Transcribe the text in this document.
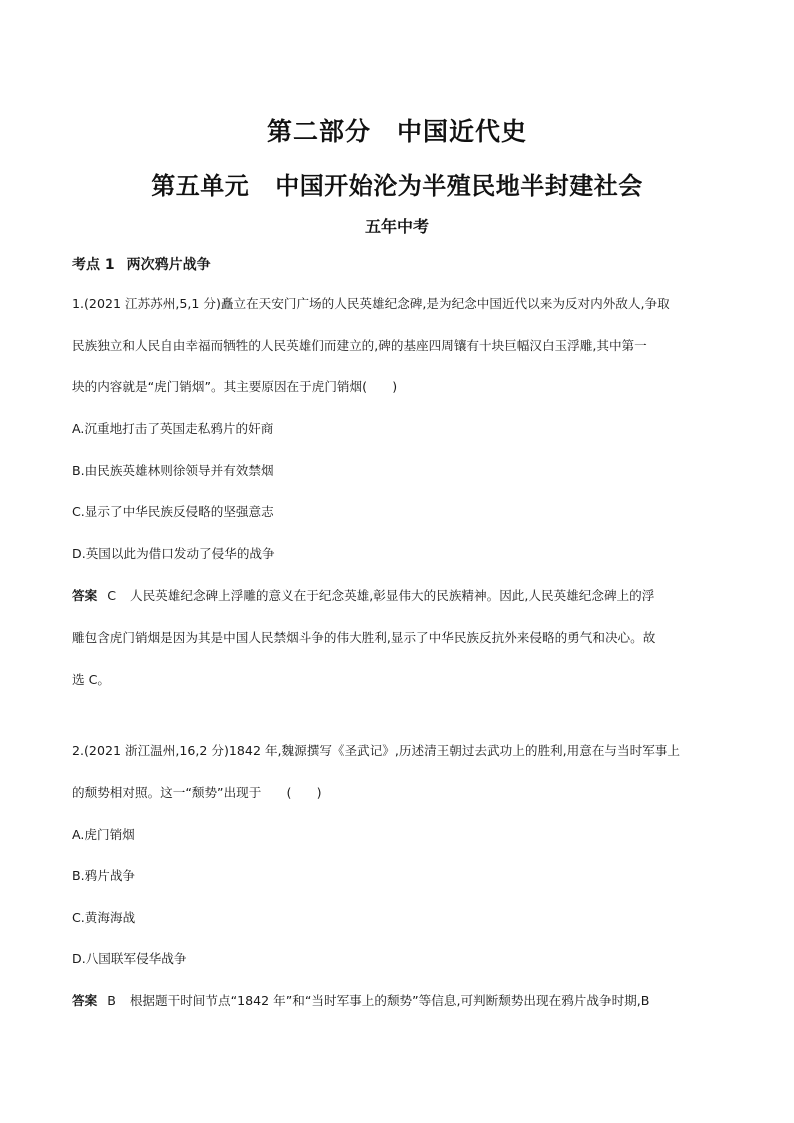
第二部分 中国近代史
第五单元 中国开始沦为半殖民地半封建社会
五年中考
考点 1 两次鸦片战争
1.(2021 江苏苏州,5,1 分)矗立在天安门广场的人民英雄纪念碑,是为纪念中国近代以来为反对内外敌人,争取
民族独立和人民自由幸福而牺牲的人民英雄们而建立的,碑的基座四周镶有十块巨幅汉白玉浮雕,其中第一
块的内容就是“虎门销烟”。其主要原因在于虎门销烟(　　)
A.沉重地打击了英国走私鸦片的奸商
B.由民族英雄林则徐领导并有效禁烟
C.显示了中华民族反侵略的坚强意志
D.英国以此为借口发动了侵华的战争
答案 C 人民英雄纪念碑上浮雕的意义在于纪念英雄,彰显伟大的民族精神。因此,人民英雄纪念碑上的浮
雕包含虎门销烟是因为其是中国人民禁烟斗争的伟大胜利,显示了中华民族反抗外来侵略的勇气和决心。故
选 C。
2.(2021 浙江温州,16,2 分)1842 年,魏源撰写《圣武记》,历述清王朝过去武功上的胜利,用意在与当时军事上
的颓势相对照。这一“颓势”出现于　　(　　)
A.虎门销烟
B.鸦片战争
C.黄海海战
D.八国联军侵华战争
答案 B 根据题干时间节点“1842 年”和“当时军事上的颓势”等信息,可判断颓势出现在鸦片战争时期,B
